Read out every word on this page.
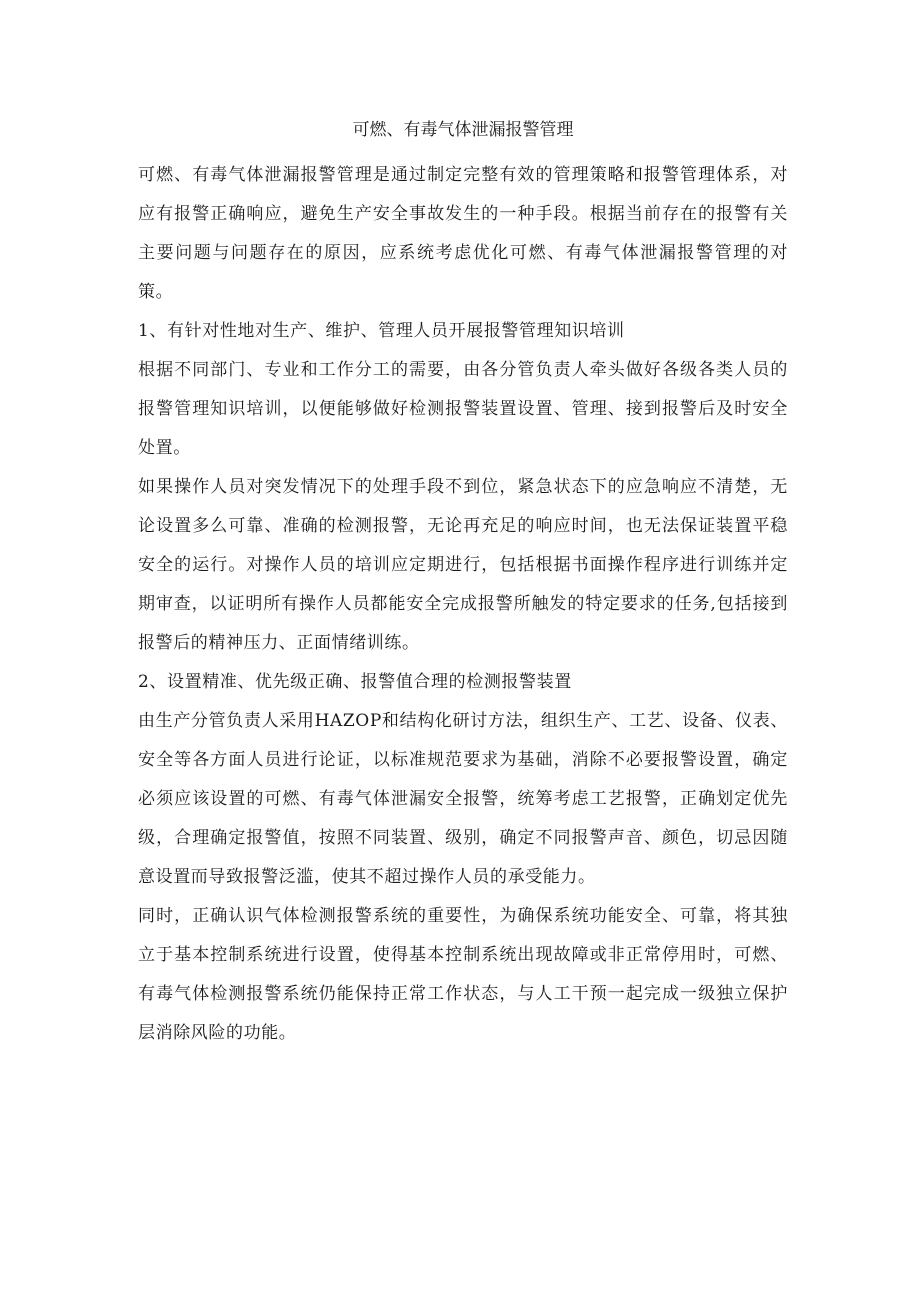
可燃、有毒气体泄漏报警管理

可燃、有毒气体泄漏报警管理是通过制定完整有效的管理策略和报警管理体系，对应有报警正确响应，避免生产安全事故发生的一种手段。根据当前存在的报警有关主要问题与问题存在的原因，应系统考虑优化可燃、有毒气体泄漏报警管理的对策。

1、有针对性地对生产、维护、管理人员开展报警管理知识培训

根据不同部门、专业和工作分工的需要，由各分管负责人牵头做好各级各类人员的报警管理知识培训，以便能够做好检测报警装置设置、管理、接到报警后及时安全处置。

如果操作人员对突发情况下的处理手段不到位，紧急状态下的应急响应不清楚，无论设置多么可靠、准确的检测报警，无论再充足的响应时间，也无法保证装置平稳安全的运行。对操作人员的培训应定期进行，包括根据书面操作程序进行训练并定期审查，以证明所有操作人员都能安全完成报警所触发的特定要求的任务,包括接到报警后的精神压力、正面情绪训练。

2、设置精准、优先级正确、报警值合理的检测报警装置

由生产分管负责人采用HAZOP和结构化研讨方法，组织生产、工艺、设备、仪表、安全等各方面人员进行论证，以标准规范要求为基础，消除不必要报警设置，确定必须应该设置的可燃、有毒气体泄漏安全报警，统筹考虑工艺报警，正确划定优先级，合理确定报警值，按照不同装置、级别，确定不同报警声音、颜色，切忌因随意设置而导致报警泛滥，使其不超过操作人员的承受能力。

同时，正确认识气体检测报警系统的重要性，为确保系统功能安全、可靠，将其独立于基本控制系统进行设置，使得基本控制系统出现故障或非正常停用时，可燃、有毒气体检测报警系统仍能保持正常工作状态，与人工干预一起完成一级独立保护层消除风险的功能。
